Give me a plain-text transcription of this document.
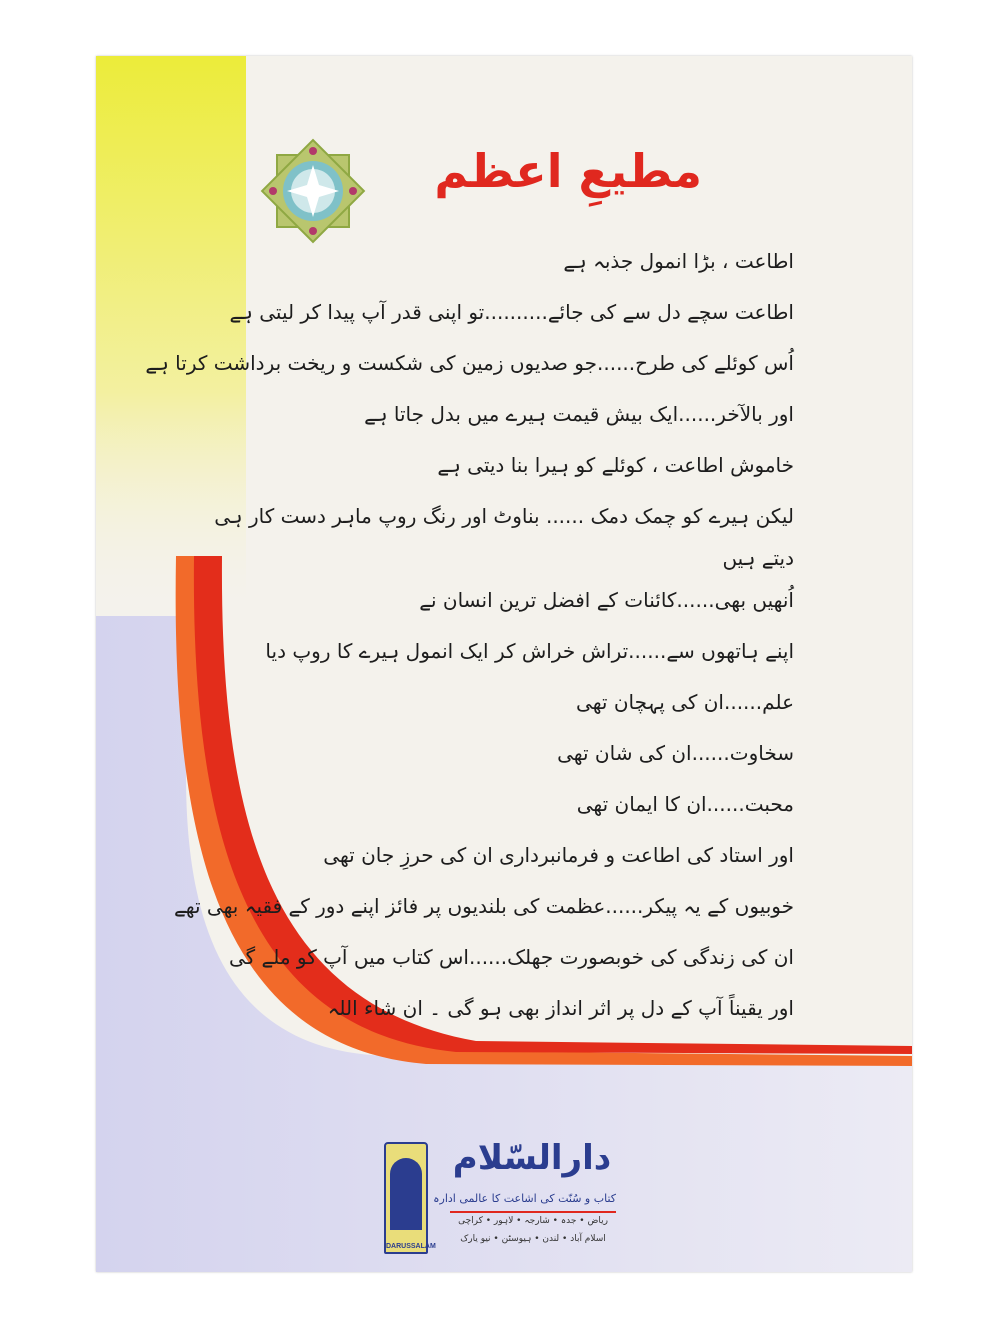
مطیعِ اعظم
اطاعت ، بڑا انمول جذبہ ہے
اطاعت سچے دل سے کی جائے..........تو اپنی قدر آپ پیدا کر لیتی ہے
اُس کوئلے کی طرح......جو صدیوں زمین کی شکست و ریخت برداشت کرتا ہے
اور بالآخر......ایک بیش قیمت ہیرے میں بدل جاتا ہے
خاموش اطاعت ، کوئلے کو ہیرا بنا دیتی ہے
لیکن ہیرے کو چمک دمک ...... بناوٹ اور رنگ روپ ماہر دست کار ہی
دیتے ہیں
اُنھیں بھی......کائنات کے افضل ترین انسان نے
اپنے ہاتھوں سے......تراش خراش کر ایک انمول ہیرے کا روپ دیا
علم......ان کی پہچان تھی
سخاوت......ان کی شان تھی
محبت......ان کا ایمان تھی
اور استاد کی اطاعت و فرمانبرداری ان کی حرزِ جان تھی
خوبیوں کے یہ پیکر......عظمت کی بلندیوں پر فائز اپنے دور کے فقیہ بھی تھے
ان کی زندگی کی خوبصورت جھلک......اس کتاب میں آپ کو ملے گی
اور یقیناً آپ کے دل پر اثر انداز بھی ہو گی ۔ ان شاء اللہ
DARUSSALAM
دارالسّلام
کتاب و سُنّت کی اشاعت کا عالمی ادارہ
ریاض • جدہ • شارجہ • لاہور • کراچی
اسلام آباد • لندن • ہیوسٹن • نیو یارک
